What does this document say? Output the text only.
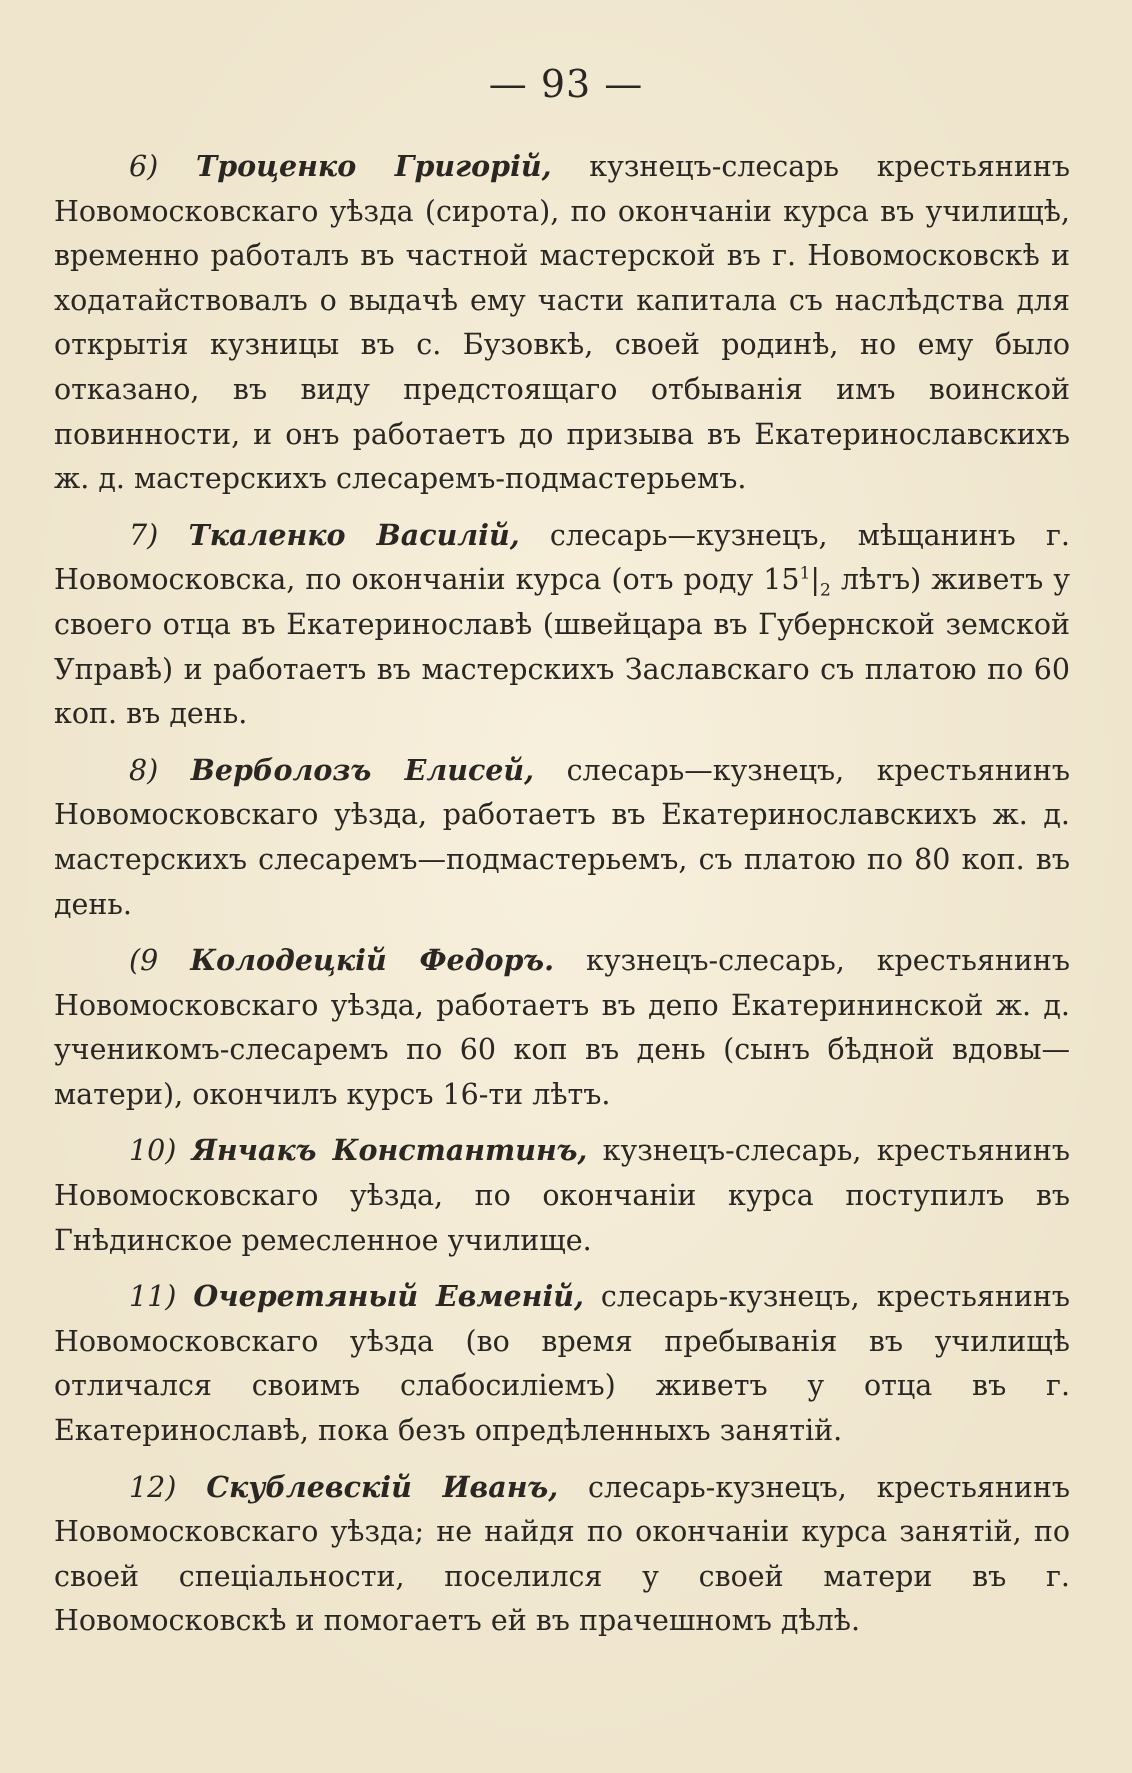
— 93 —

6) Троценко Григорій, кузнецъ-слесарь крестьянинъ Новомосковскаго уѣзда (сирота), по окончаніи курса въ училищѣ, временно работалъ въ частной мастерской въ г. Новомосковскѣ и ходатайствовалъ о выдачѣ ему части капитала съ наслѣдства для открытія кузницы въ с. Бузовкѣ, своей родинѣ, но ему было отказано, въ виду предстоящаго отбыванія имъ воинской повинности, и онъ работаетъ до призыва въ Екатеринославскихъ ж. д. мастерскихъ слесаремъ-подмастерьемъ.

7) Ткаленко Василій, слесарь—кузнецъ, мѣщанинъ г. Новомосковска, по окончаніи курса (отъ роду $15^1|_2$ лѣтъ) живетъ у своего отца въ Екатеринославѣ (швейцара въ Губернской земской Управѣ) и работаетъ въ мастерскихъ Заславскаго съ платою по 60 коп. въ день.

8) Верболозъ Елисей, слесарь—кузнецъ, крестьянинъ Новомосковскаго уѣзда, работаетъ въ Екатеринославскихъ ж. д. мастерскихъ слесаремъ—подмастерьемъ, съ платою по 80 коп. въ день.

(9 Колодецкій Федоръ. кузнецъ-слесарь, крестьянинъ Новомосковскаго уѣзда, работаетъ въ депо Екатерининской ж. д. ученикомъ-слесаремъ по 60 коп въ день (сынъ бѣдной вдовы—матери), окончилъ курсъ 16-ти лѣтъ.

10) Янчакъ Константинъ, кузнецъ-слесарь, крестьянинъ Новомосковскаго уѣзда, по окончаніи курса поступилъ въ Гнѣдинское ремесленное училище.

11) Очеретяный Евменій, слесарь-кузнецъ, крестьянинъ Новомосковскаго уѣзда (во время пребыванія въ училищѣ отличался своимъ слабосиліемъ) живетъ у отца въ г. Екатеринославѣ, пока безъ опредѣленныхъ занятій.

12) Скублевскій Иванъ, слесарь-кузнецъ, крестьянинъ Новомосковскаго уѣзда; не найдя по окончаніи курса занятій, по своей спеціальности, поселился у своей матери въ г. Новомосковскѣ и помогаетъ ей въ прачешномъ дѣлѣ.
